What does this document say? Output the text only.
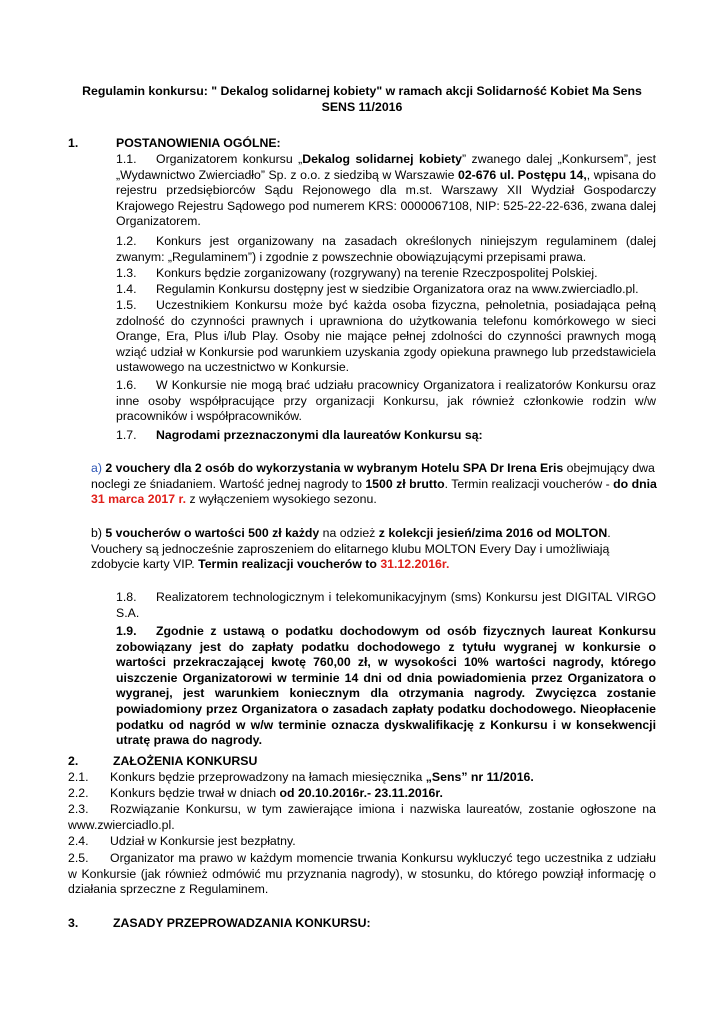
Regulamin konkursu: " Dekalog solidarnej kobiety" w ramach akcji Solidarność Kobiet Ma Sens
SENS 11/2016
1.	POSTANOWIENIA OGÓLNE:

1.1. Organizatorem konkursu „Dekalog solidarnej kobiety” zwanego dalej „Konkursem”, jest „Wydawnictwo Zwierciadło” Sp. z o.o. z siedzibą w Warszawie 02-676 ul. Postępu 14,, wpisana do rejestru przedsiębiorców Sądu Rejonowego dla m.st. Warszawy XII Wydział Gospodarczy Krajowego Rejestru Sądowego pod numerem KRS: 0000067108, NIP: 525-22-22-636, zwana dalej Organizatorem.

1.2. Konkurs jest organizowany na zasadach określonych niniejszym regulaminem (dalej zwanym: „Regulaminem”) i zgodnie z powszechnie obowiązującymi przepisami prawa.

1.3. Konkurs będzie zorganizowany (rozgrywany) na terenie Rzeczpospolitej Polskiej.

1.4. Regulamin Konkursu dostępny jest w siedzibie Organizatora oraz na www.zwierciadlo.pl.

1.5. Uczestnikiem Konkursu może być każda osoba fizyczna, pełnoletnia, posiadająca pełną zdolność do czynności prawnych i uprawniona do użytkowania telefonu komórkowego w sieci Orange, Era, Plus i/lub Play. Osoby nie mające pełnej zdolności do czynności prawnych mogą wziąć udział w Konkursie pod warunkiem uzyskania zgody opiekuna prawnego lub przedstawiciela ustawowego na uczestnictwo w Konkursie.

1.6. W Konkursie nie mogą brać udziału pracownicy Organizatora i realizatorów Konkursu oraz inne osoby współpracujące przy organizacji Konkursu, jak również członkowie rodzin w/w pracowników i współpracowników.

1.7. Nagrodami przeznaczonymi dla laureatów Konkursu są:

a) 2 vouchery dla 2 osób do wykorzystania w wybranym Hotelu SPA Dr Irena Eris obejmujący dwa noclegi ze śniadaniem. Wartość jednej nagrody to 1500 zł brutto. Termin realizacji voucherów - do dnia
31 marca 2017 r. z wyłączeniem wysokiego sezonu.

b) 5 voucherów o wartości 500 zł każdy na odzież z kolekcji jesień/zima 2016 od MOLTON. Vouchery są jednocześnie zaproszeniem do elitarnego klubu MOLTON Every Day i umożliwiają zdobycie karty VIP. Termin realizacji voucherów to 31.12.2016r.

1.8. Realizatorem technologicznym i telekomunikacyjnym (sms) Konkursu jest DIGITAL VIRGO S.A.

1.9. Zgodnie z ustawą o podatku dochodowym od osób fizycznych laureat Konkursu zobowiązany jest do zapłaty podatku dochodowego z tytułu wygranej w konkursie o wartości przekraczającej kwotę 760,00 zł, w wysokości 10% wartości nagrody, którego uiszczenie Organizatorowi w terminie 14 dni od dnia powiadomienia przez Organizatora o wygranej, jest warunkiem koniecznym dla otrzymania nagrody. Zwycięzca zostanie powiadomiony przez Organizatora o zasadach zapłaty podatku dochodowego. Nieopłacenie podatku od nagród w w/w terminie oznacza dyskwalifikację z Konkursu i w konsekwencji utratę prawa do nagrody.

2.	ZAŁOŻENIA KONKURSU

2.1. Konkurs będzie przeprowadzony na łamach miesięcznika „Sens” nr 11/2016.

2.2. Konkurs będzie trwał w dniach od 20.10.2016r.- 23.11.2016r.

2.3. Rozwiązanie Konkursu, w tym zawierające imiona i nazwiska laureatów, zostanie ogłoszone na www.zwierciadlo.pl.

2.4. Udział w Konkursie jest bezpłatny.

2.5. Organizator ma prawo w każdym momencie trwania Konkursu wykluczyć tego uczestnika z udziału w Konkursie (jak również odmówić mu przyznania nagrody), w stosunku, do którego powziął informację o działania sprzeczne z Regulaminem.

3.	ZASADY PRZEPROWADZANIA KONKURSU:
